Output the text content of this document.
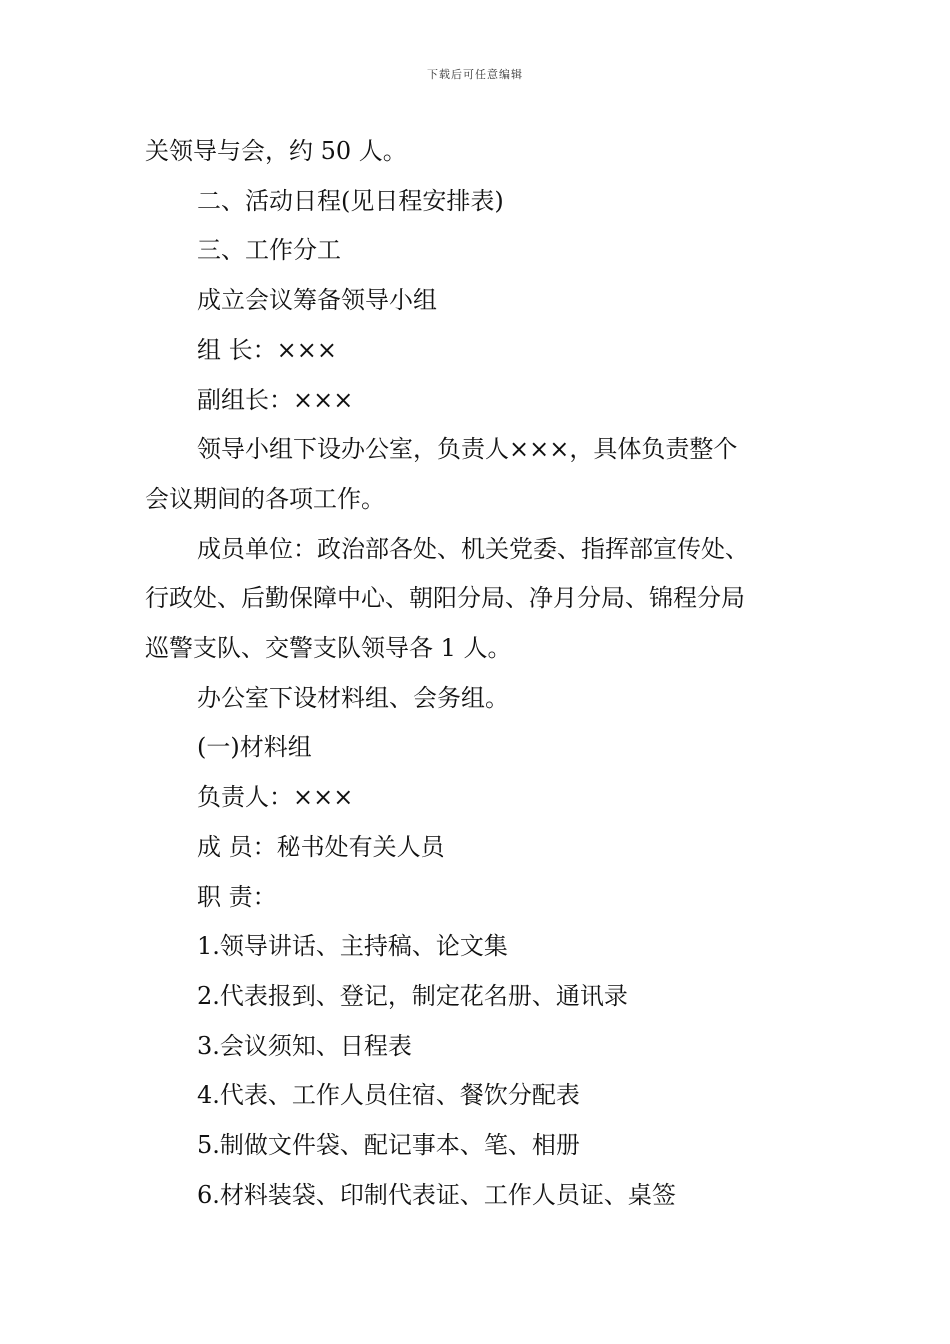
下载后可任意编辑

关领导与会，约 50 人。

二、活动日程(见日程安排表)

三、工作分工

成立会议筹备领导小组

组 长：×××

副组长：×××

领导小组下设办公室，负责人×××，具体负责整个

会议期间的各项工作。

成员单位：政治部各处、机关党委、指挥部宣传处、

行政处、后勤保障中心、朝阳分局、净月分局、锦程分局

巡警支队、交警支队领导各 1 人。

办公室下设材料组、会务组。

(一)材料组

负责人：×××

成 员：秘书处有关人员

职 责：

1.领导讲话、主持稿、论文集

2.代表报到、登记，制定花名册、通讯录

3.会议须知、日程表

4.代表、工作人员住宿、餐饮分配表

5.制做文件袋、配记事本、笔、相册

6.材料装袋、印制代表证、工作人员证、桌签
